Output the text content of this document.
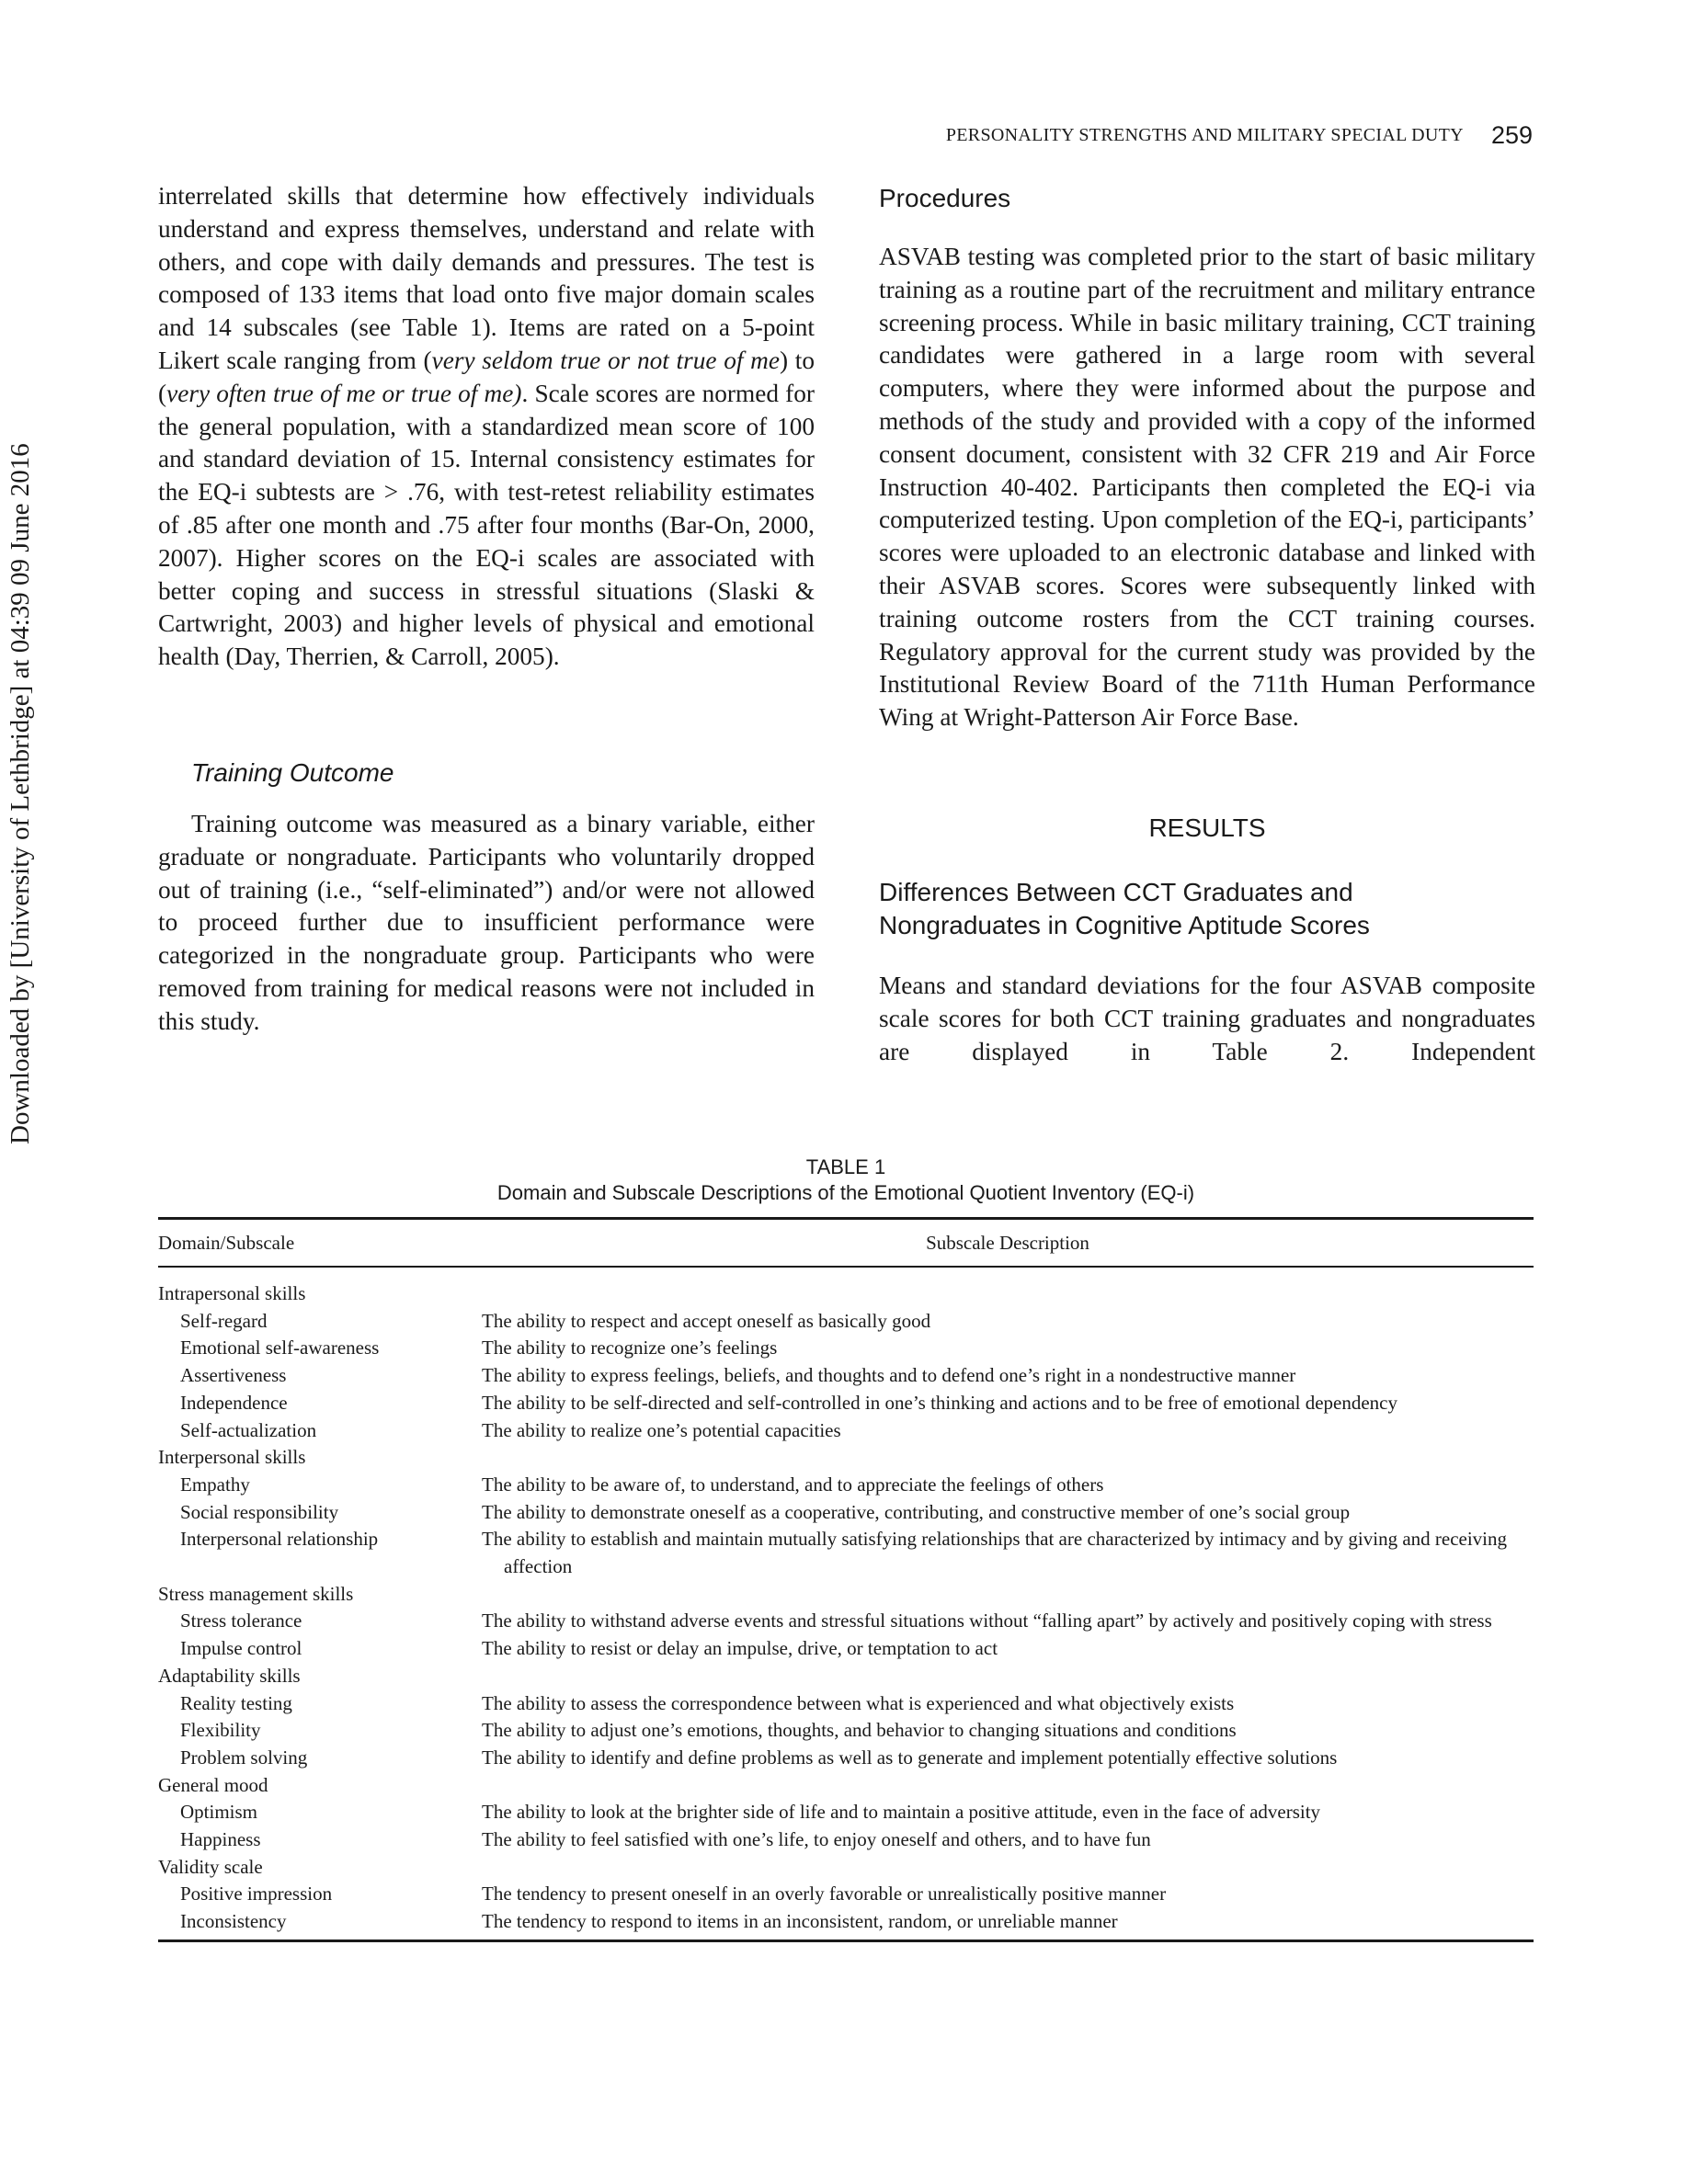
Downloaded by [University of Lethbridge] at 04:39 09 June 2016
PERSONALITY STRENGTHS AND MILITARY SPECIAL DUTY 259

interrelated skills that determine how effectively individuals understand and express themselves, understand and relate with others, and cope with daily demands and pressures. The test is composed of 133 items that load onto five major domain scales and 14 subscales (see Table 1). Items are rated on a 5-point Likert scale ranging from (very seldom true or not true of me) to (very often true of me or true of me). Scale scores are normed for the general population, with a standardized mean score of 100 and standard deviation of 15. Internal consistency estimates for the EQ-i subtests are > .76, with test-retest reliability estimates of .85 after one month and .75 after four months (Bar-On, 2000, 2007). Higher scores on the EQ-i scales are associated with better coping and success in stressful situations (Slaski & Cartwright, 2003) and higher levels of physical and emotional health (Day, Therrien, & Carroll, 2005).

Training Outcome

Training outcome was measured as a binary variable, either graduate or nongraduate. Participants who voluntarily dropped out of training (i.e., “self-eliminated”) and/or were not allowed to proceed further due to insufficient performance were categorized in the nongraduate group. Participants who were removed from training for medical reasons were not included in this study.

Procedures

ASVAB testing was completed prior to the start of basic military training as a routine part of the recruitment and military entrance screening process. While in basic military training, CCT training candidates were gathered in a large room with several computers, where they were informed about the purpose and methods of the study and provided with a copy of the informed consent document, consistent with 32 CFR 219 and Air Force Instruction 40-402. Participants then completed the EQ-i via computerized testing. Upon completion of the EQ-i, participants’ scores were uploaded to an electronic database and linked with their ASVAB scores. Scores were subsequently linked with training outcome rosters from the CCT training courses. Regulatory approval for the current study was provided by the Institutional Review Board of the 711th Human Performance Wing at Wright-Patterson Air Force Base.

RESULTS
Differences Between CCT Graduates and
Nongraduates in Cognitive Aptitude Scores

Means and standard deviations for the four ASVAB composite scale scores for both CCT training graduates and nongraduates are displayed in Table 2. Independent

TABLE 1
Domain and Subscale Descriptions of the Emotional Quotient Inventory (EQ-i)
Domain/Subscale	Subscale Description
Intrapersonal skills
Self-regard	The ability to respect and accept oneself as basically good
Emotional self-awareness	The ability to recognize one’s feelings
Assertiveness	The ability to express feelings, beliefs, and thoughts and to defend one’s right in a nondestructive manner
Independence	The ability to be self-directed and self-controlled in one’s thinking and actions and to be free of emotional dependency
Self-actualization	The ability to realize one’s potential capacities
Interpersonal skills
Empathy	The ability to be aware of, to understand, and to appreciate the feelings of others
Social responsibility	The ability to demonstrate oneself as a cooperative, contributing, and constructive member of one’s social group
Interpersonal relationship	The ability to establish and maintain mutually satisfying relationships that are characterized by intimacy and by giving and receiving affection
Stress management skills
Stress tolerance	The ability to withstand adverse events and stressful situations without “falling apart” by actively and positively coping with stress
Impulse control	The ability to resist or delay an impulse, drive, or temptation to act
Adaptability skills
Reality testing	The ability to assess the correspondence between what is experienced and what objectively exists
Flexibility	The ability to adjust one’s emotions, thoughts, and behavior to changing situations and conditions
Problem solving	The ability to identify and define problems as well as to generate and implement potentially effective solutions
General mood
Optimism	The ability to look at the brighter side of life and to maintain a positive attitude, even in the face of adversity
Happiness	The ability to feel satisfied with one’s life, to enjoy oneself and others, and to have fun
Validity scale
Positive impression	The tendency to present oneself in an overly favorable or unrealistically positive manner
Inconsistency	The tendency to respond to items in an inconsistent, random, or unreliable manner
